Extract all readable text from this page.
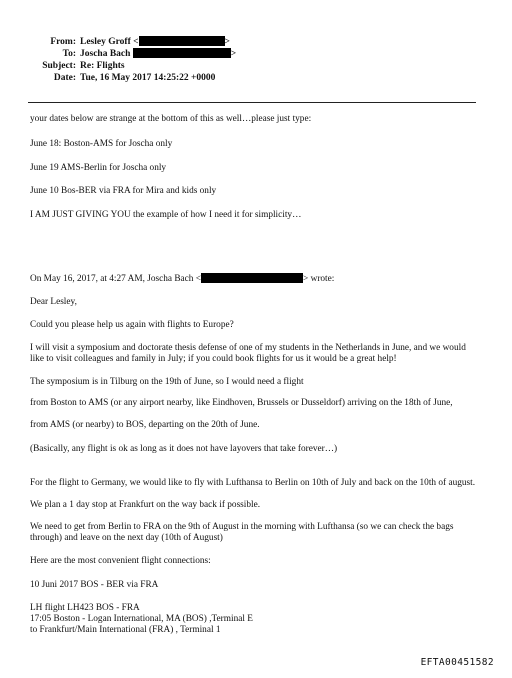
From: Lesley Groff <	>
To: Joscha Bach	>
Subject: Re: Flights
Date: Tue, 16 May 2017 14:25:22 +0000

your dates below are strange at the bottom of this as well…please just type:

June 18: Boston-AMS for Joscha only

June 19 AMS-Berlin for Joscha only

June 10 Bos-BER via FRA for Mira and kids only

I AM JUST GIVING YOU the example of how I need it for simplicity…

On May 16, 2017, at 4:27 AM, Joscha Bach <	> wrote:

Dear Lesley,

Could you please help us again with flights to Europe?

I will visit a symposium and doctorate thesis defense of one of my students in the Netherlands in June, and we would like to visit colleagues and family in July; if you could book flights for us it would be a great help!

The symposium is in Tilburg on the 19th of June, so I would need a flight

from Boston to AMS (or any airport nearby, like Eindhoven, Brussels or Dusseldorf) arriving on the 18th of June,

from AMS (or nearby) to BOS, departing on the 20th of June.

(Basically, any flight is ok as long as it does not have layovers that take forever…)

For the flight to Germany, we would like to fly with Lufthansa to Berlin on 10th of July and back on the 10th of august.

We plan a 1 day stop at Frankfurt on the way back if possible.

We need to get from Berlin to FRA on the 9th of August in the morning with Lufthansa (so we can check the bags through) and leave on the next day (10th of August)

Here are the most convenient flight connections:

10 Juni 2017 BOS - BER via FRA

LH flight LH423 BOS - FRA

17:05 Boston - Logan International, MA (BOS) ,Terminal E

to Frankfurt/Main International (FRA) , Terminal 1

EFTA00451582
